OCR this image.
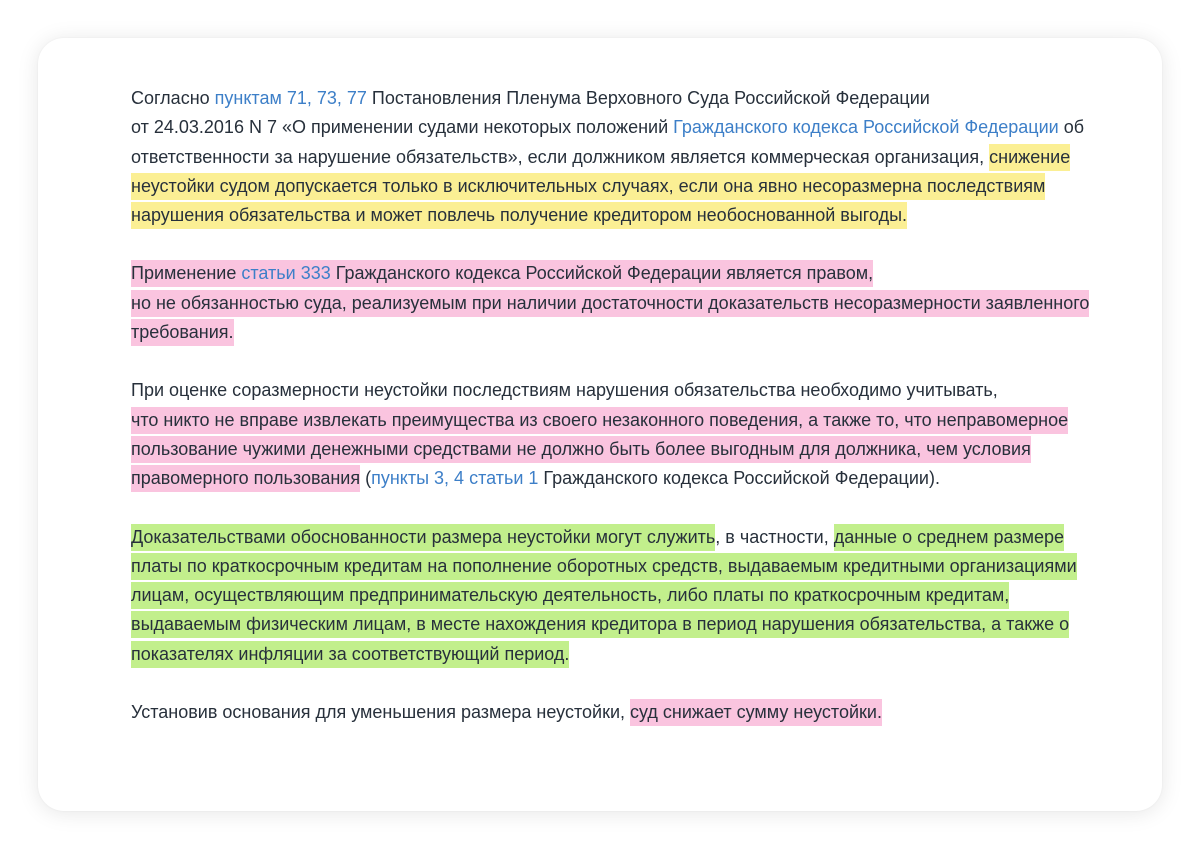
Согласно пунктам 71, 73, 77 Постановления Пленума Верховного Суда Российской Федерации
от 24.03.2016 N 7 «О применении судами некоторых положений Гражданского кодекса Российской Федерации об ответственности за нарушение обязательств», если должником является коммерческая организация, снижение неустойки судом допускается только в исключительных случаях, если она явно несоразмерна последствиям нарушения обязательства и может повлечь получение кредитором необоснованной выгоды.

Применение статьи 333 Гражданского кодекса Российской Федерации является правом,
но не обязанностью суда, реализуемым при наличии достаточности доказательств несоразмерности заявленного требования.

При оценке соразмерности неустойки последствиям нарушения обязательства необходимо учитывать,
что никто не вправе извлекать преимущества из своего незаконного поведения, а также то, что неправомерное пользование чужими денежными средствами не должно быть более выгодным для должника, чем условия правомерного пользования (пункты 3, 4 статьи 1 Гражданского кодекса Российской Федерации).

Доказательствами обоснованности размера неустойки могут служить, в частности, данные о среднем размере платы по краткосрочным кредитам на пополнение оборотных средств, выдаваемым кредитными организациями лицам, осуществляющим предпринимательскую деятельность, либо платы по краткосрочным кредитам, выдаваемым физическим лицам, в месте нахождения кредитора в период нарушения обязательства, а также о показателях инфляции за соответствующий период.

Установив основания для уменьшения размера неустойки, суд снижает сумму неустойки.
